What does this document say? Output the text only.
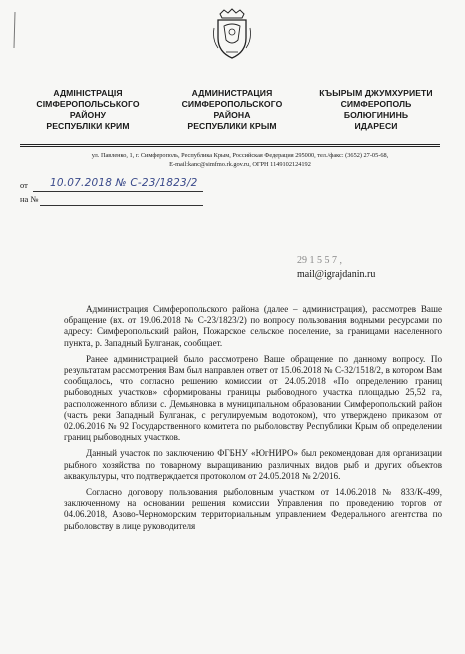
АДМІНІСТРАЦІЯ
СІМФЕРОПОЛЬСЬКОГО
РАЙОНУ
РЕСПУБЛІКИ КРИМ
АДМИНИСТРАЦИЯ
СИМФЕРОПОЛЬСКОГО
РАЙОНА
РЕСПУБЛИКИ КРЫМ
КЪЫРЫМ ДЖУМХУРИЕТИ
СИМФЕРОПОЛЬ
БОЛЮГИНИНЬ
ИДАРЕСИ
ул. Павленко, 1, г. Симферополь, Республика Крым, Российская Федерация 295000, тел./факс: (3652) 27-05-68,
E-mail:kanc@simfmo.rk.gov.ru, ОГРН 1149102124192
от 10.07.2018 № С-23/1823/2
на №
29 1 5 5 7 ,
mail@igrajdanin.ru

Администрация Симферопольского района (далее – администрация), рассмотрев Ваше обращение (вх. от 19.06.2018 № С-23/1823/2) по вопросу пользования водными ресурсами по адресу: Симферопольский район, Пожарское сельское поселение, за границами населенного пункта, р. Западный Булганак, сообщает.

Ранее администрацией было рассмотрено Ваше обращение по данному вопросу. По результатам рассмотрения Вам был направлен ответ от 15.06.2018 № С-32/1518/2, в котором Вам сообщалось, что согласно решению комиссии от 24.05.2018 «По определению границ рыбоводных участков» сформированы границы рыбоводного участка площадью 25,52 га, расположенного вблизи с. Демьяновка в муниципальном образовании Симферопольский район (часть реки Западный Булганак, с регулируемым водотоком), что утверждено приказом от 02.06.2016 № 92 Государственного комитета по рыболовству Республики Крым об определении границ рыбоводных участков.

Данный участок по заключению ФГБНУ «ЮгНИРО» был рекомендован для организации рыбного хозяйства по товарному выращиванию различных видов рыб и других объектов аквакультуры, что подтверждается протоколом от 24.05.2018 № 2/2016.

Согласно договору пользования рыболовным участком от 14.06.2018 № 833/К-499, заключенному на основании решения комиссии Управления по проведению торгов от 04.06.2018, Азово-Черноморским территориальным управлением Федерального агентства по рыболовству в лице руководителя
